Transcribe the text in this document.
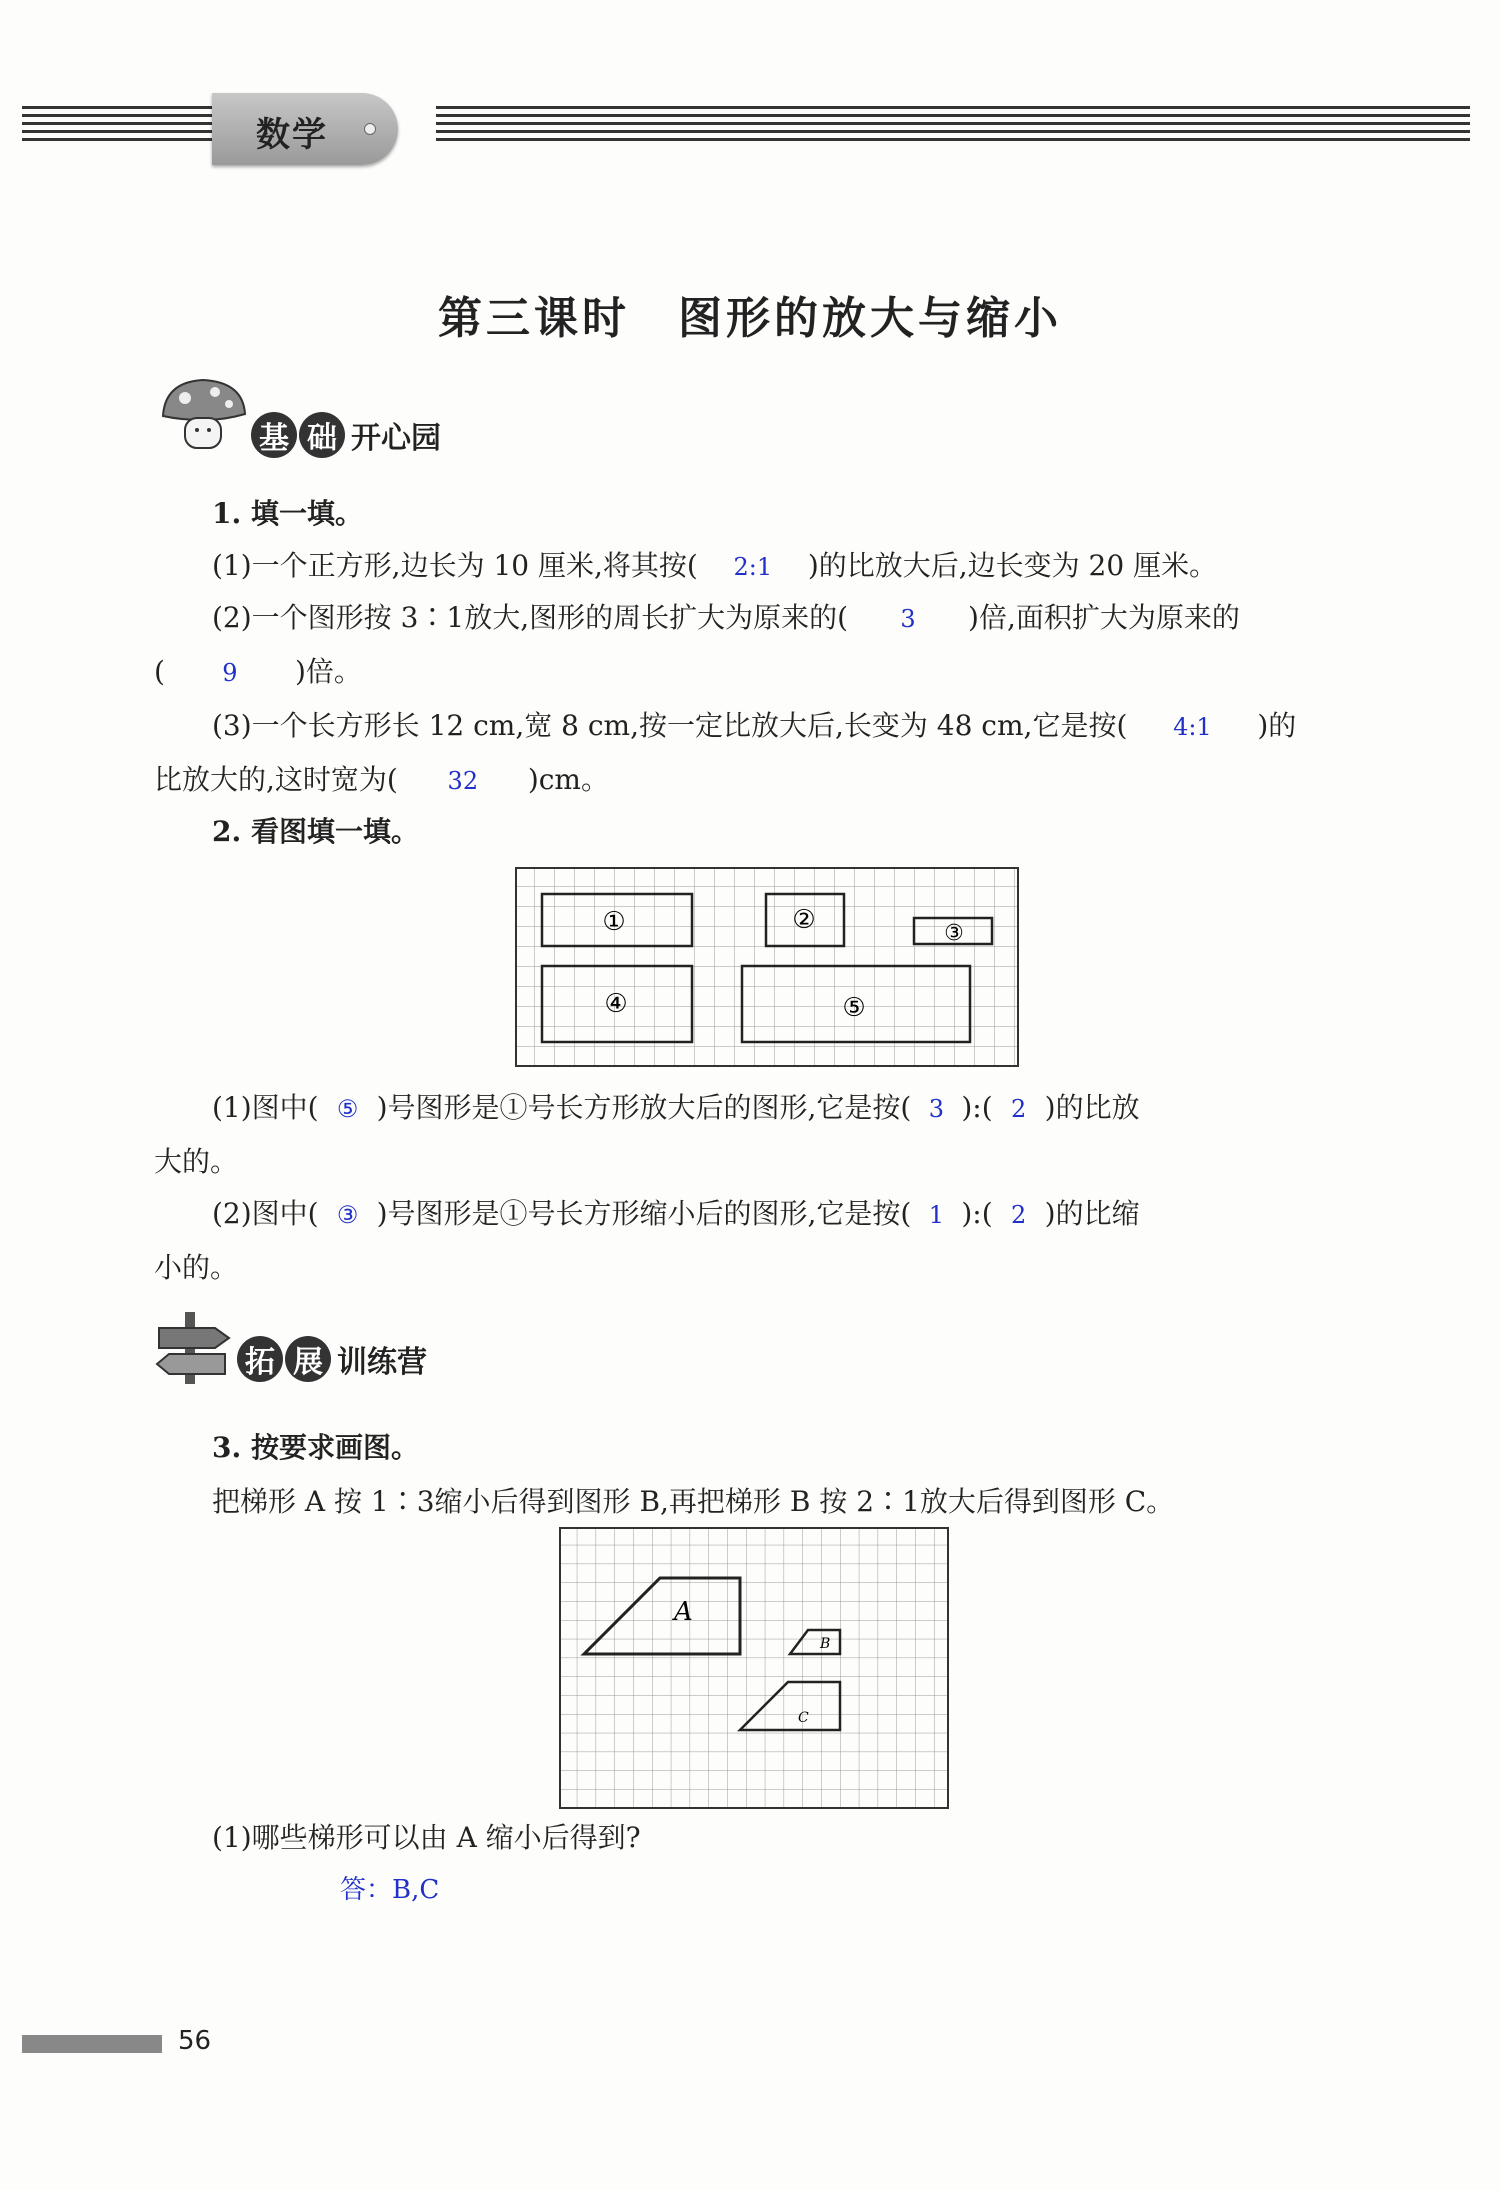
数学
第三课时　图形的放大与缩小
基 础 开心园
1. 填一填。
(1)一个正方形,边长为 10 厘米,将其按( 2:1 )的比放大后,边长变为 20 厘米。
(2)一个图形按 3∶1放大,图形的周长扩大为原来的( 3 )倍,面积扩大为原来的
( 9 )倍。
(3)一个长方形长 12 cm,宽 8 cm,按一定比放大后,长变为 48 cm,它是按( 4:1 )的
比放大的,这时宽为( 32 )cm。
2. 看图填一填。
①	②	③
④	⑤
(1)图中( ⑤ )号图形是①号长方形放大后的图形,它是按( 3 ):( 2 )的比放
大的。
(2)图中( ③ )号图形是①号长方形缩小后的图形,它是按( 1 ):( 2 )的比缩
小的。
拓 展 训练营
3. 按要求画图。
把梯形 A 按 1∶3缩小后得到图形 B,再把梯形 B 按 2∶1放大后得到图形 C。
A
B
C
(1)哪些梯形可以由 A 缩小后得到?
答：B,C
56
